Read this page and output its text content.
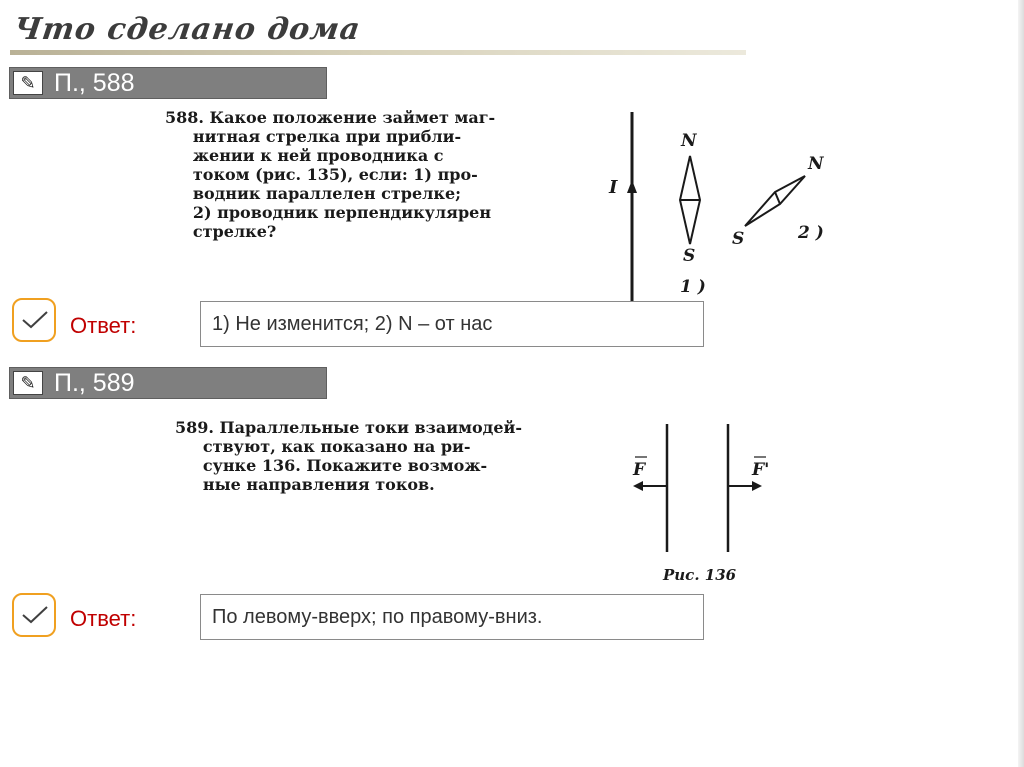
Что сделано дома
✎ П., 588
588. Какое положение займет маг-
нитная стрелка при прибли-
жении к ней проводника с
током (рис. 135), если: 1) про-
водник параллелен стрелке;
2) проводник перпендикулярен
стрелке?
I
N
S
1 )
N
S	2 )
Ответ:	1) Не изменится; 2) N – от нас
✎ П., 589
589. Параллельные токи взаимодей-
ствуют, как показано на ри-
сунке 136. Покажите возмож-
ные направления токов.
F	F'
Рис. 136
Ответ:	По левому-вверх; по правому-вниз.
